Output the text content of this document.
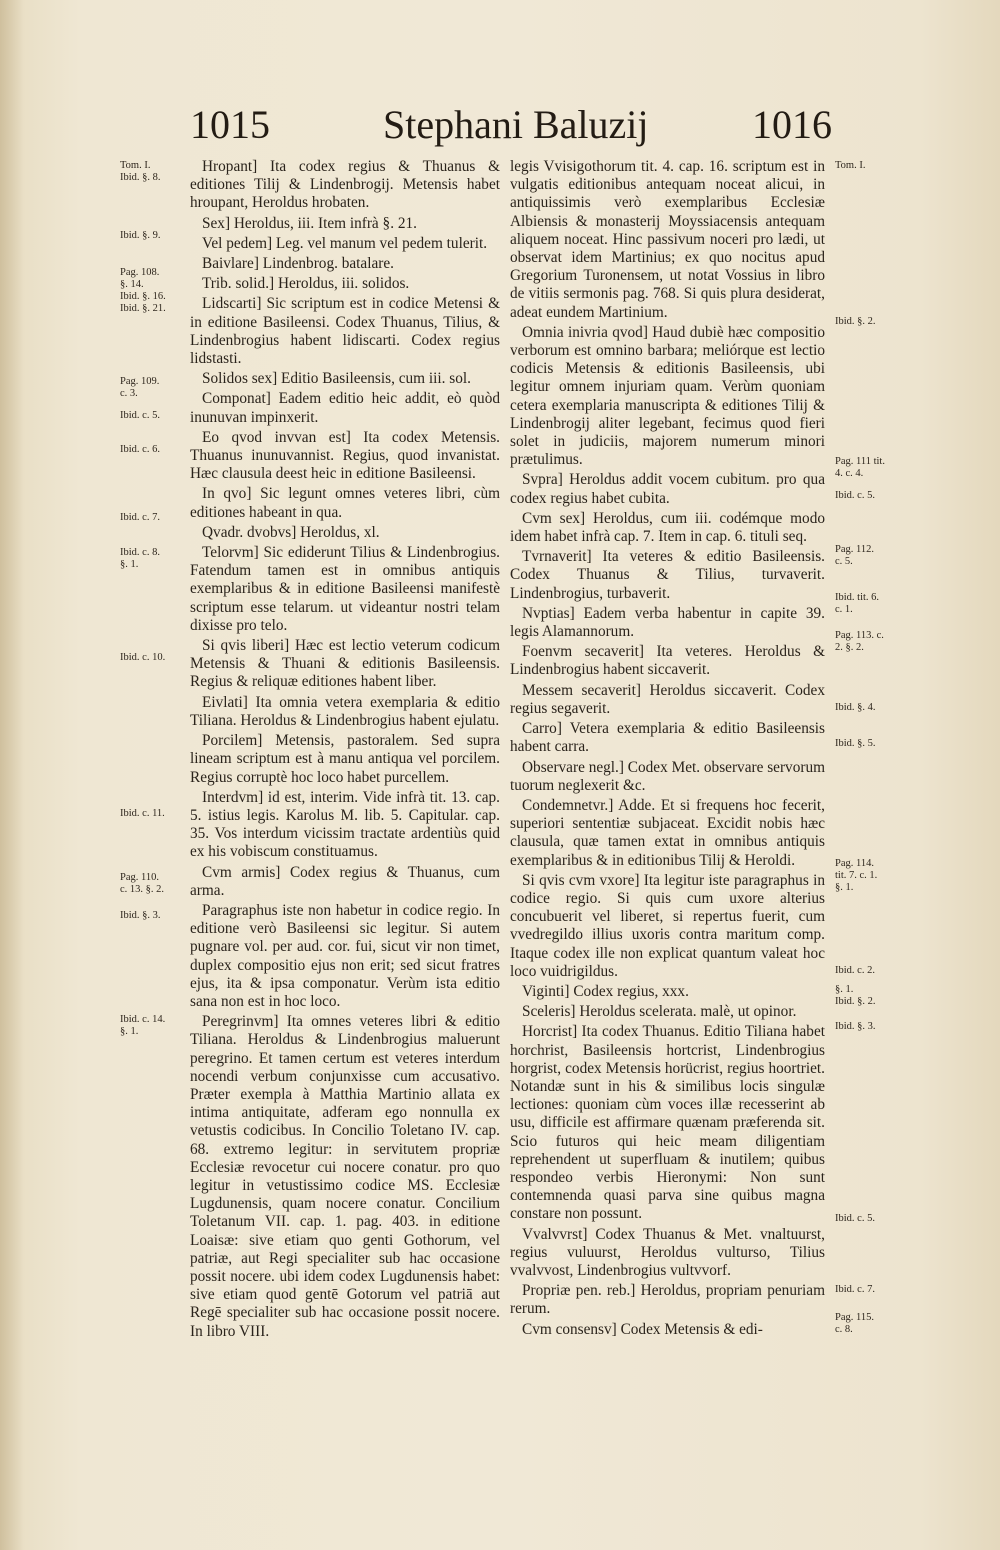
1015	Stephani Baluzij	1016

Hropant] Ita codex regius & Thuanus & editiones Tilij & Lindenbrogij. Metensis habet hroupant, Heroldus hrobaten.

Sex] Heroldus, iii. Item infrà §. 21.

Vel pedem] Leg. vel manum vel pedem tulerit.

Baivlare] Lindenbrog. batalare.

Trib. solid.] Heroldus, iii. solidos.

Lidscarti] Sic scriptum est in codice Metensi & in editione Basileensi. Codex Thuanus, Tilius, & Lindenbrogius habent lidiscarti. Codex regius lidstasti.

Solidos sex] Editio Basileensis, cum iii. sol.

Componat] Eadem editio heic addit, eò quòd inunuvan impinxerit.

Eo qvod invvan est] Ita codex Metensis. Thuanus inunuvannist. Regius, quod invanistat. Hæc clausula deest heic in editione Basileensi.

In qvo] Sic legunt omnes veteres libri, cùm editiones habeant in qua.

Qvadr. dvobvs] Heroldus, xl.

Telorvm] Sic ediderunt Tilius & Lindenbrogius. Fatendum tamen est in omnibus antiquis exemplaribus & in editione Basileensi manifestè scriptum esse telarum. ut videantur nostri telam dixisse pro telo.

Si qvis liberi] Hæc est lectio veterum codicum Metensis & Thuani & editionis Basileensis. Regius & reliquæ editiones habent liber.

Eivlati] Ita omnia vetera exemplaria & editio Tiliana. Heroldus & Lindenbrogius habent ejulatu.

Porcilem] Metensis, pastoralem. Sed supra lineam scriptum est à manu antiqua vel porcilem. Regius corruptè hoc loco habet purcellem.

Interdvm] id est, interim. Vide infrà tit. 13. cap. 5. istius legis. Karolus M. lib. 5. Capitular. cap. 35. Vos interdum vicissim tractate ardentiùs quid ex his vobiscum constituamus.

Cvm armis] Codex regius & Thuanus, cum arma.

Paragraphus iste non habetur in codice regio. In editione verò Basileensi sic legitur. Si autem pugnare vol. per aud. cor. fui, sicut vir non timet, duplex compositio ejus non erit; sed sicut fratres ejus, ita & ipsa componatur. Verùm ista editio sana non est in hoc loco.

Peregrinvm] Ita omnes veteres libri & editio Tiliana. Heroldus & Lindenbrogius maluerunt peregrino. Et tamen certum est veteres interdum nocendi verbum conjunxisse cum accusativo. Præter exempla à Matthia Martinio allata ex intima antiquitate, adferam ego nonnulla ex vetustis codicibus. In Concilio Toletano IV. cap. 68. extremo legitur: in servitutem propriæ Ecclesiæ revocetur cui nocere conatur. pro quo legitur in vetustissimo codice MS. Ecclesiæ Lugdunensis, quam nocere conatur. Concilium Toletanum VII. cap. 1. pag. 403. in editione Loaisæ: sive etiam quo genti Gothorum, vel patriæ, aut Regi specialiter sub hac occasione possit nocere. ubi idem codex Lugdunensis habet: sive etiam quod gentē Gotorum vel patriā aut Regē specialiter sub hac occasione possit nocere. In libro VIII.

legis Vvisigothorum tit. 4. cap. 16. scriptum est in vulgatis editionibus antequam noceat alicui, in antiquissimis verò exemplaribus Ecclesiæ Albiensis & monasterij Moyssiacensis antequam aliquem noceat. Hinc passivum noceri pro lædi, ut observat idem Martinius; ex quo nocitus apud Gregorium Turonensem, ut notat Vossius in libro de vitiis sermonis pag. 768. Si quis plura desiderat, adeat eundem Martinium.

Omnia inivria qvod] Haud dubiè hæc compositio verborum est omnino barbara; meliórque est lectio codicis Metensis & editionis Basileensis, ubi legitur omnem injuriam quam. Verùm quoniam cetera exemplaria manuscripta & editiones Tilij & Lindenbrogij aliter legebant, fecimus quod fieri solet in judiciis, majorem numerum minori prætulimus.

Svpra] Heroldus addit vocem cubitum. pro qua codex regius habet cubita.

Cvm sex] Heroldus, cum iii. codémque modo idem habet infrà cap. 7. Item in cap. 6. tituli seq.

Tvrnaverit] Ita veteres & editio Basileensis. Codex Thuanus & Tilius, turvaverit. Lindenbrogius, turbaverit.

Nvptias] Eadem verba habentur in capite 39. legis Alamannorum.

Foenvm secaverit] Ita veteres. Heroldus & Lindenbrogius habent siccaverit.

Messem secaverit] Heroldus siccaverit. Codex regius segaverit.

Carro] Vetera exemplaria & editio Basileensis habent carra.

Observare negl.] Codex Met. observare servorum tuorum neglexerit &c.

Condemnetvr.] Adde. Et si frequens hoc fecerit, superiori sententiæ subjaceat. Excidit nobis hæc clausula, quæ tamen extat in omnibus antiquis exemplaribus & in editionibus Tilij & Heroldi.

Si qvis cvm vxore] Ita legitur iste paragraphus in codice regio. Si quis cum uxore alterius concubuerit vel liberet, si repertus fuerit, cum vvedregildo illius uxoris contra maritum comp. Itaque codex ille non explicat quantum valeat hoc loco vuidrigildus.

Viginti] Codex regius, xxx.

Sceleris] Heroldus scelerata. malè, ut opinor.

Horcrist] Ita codex Thuanus. Editio Tiliana habet horchrist, Basileensis hortcrist, Lindenbrogius horgrist, codex Metensis horücrist, regius hoortriet. Notandæ sunt in his & similibus locis singulæ lectiones: quoniam cùm voces illæ recesserint ab usu, difficile est affirmare quænam præferenda sit. Scio futuros qui heic meam diligentiam reprehendent ut superfluam & inutilem; quibus respondeo verbis Hieronymi: Non sunt contemnenda quasi parva sine quibus magna constare non possunt.

Vvalvvrst] Codex Thuanus & Met. vnaltuurst, regius vuluurst, Heroldus vulturso, Tilius vvalvvost, Lindenbrogius vultvvorf.

Propriæ pen. reb.] Heroldus, propriam penuriam rerum.

Cvm consensv] Codex Metensis & edi-

Tom. I.
Ibid. §. 8.
Ibid. §. 9.
Pag. 108.
§. 14.
Ibid. §. 16.
Ibid. §. 21.
Pag. 109.
c. 3.
Ibid. c. 5.
Ibid. c. 6.
Ibid. c. 7.
Ibid. c. 8.
§. 1.
Ibid. c. 10.
Ibid. c. 11.
Pag. 110.
c. 13. §. 2.
Ibid. §. 3.
Ibid. c. 14.
§. 1.
Tom. I.
Ibid. §. 2.
Pag. 111 tit.
4. c. 4.
Ibid. c. 5.
Pag. 112.
c. 5.
Ibid. tit. 6.
c. 1.
Pag. 113. c.
2. §. 2.
Ibid. §. 4.
Ibid. §. 5.
Pag. 114.
tit. 7. c. 1.
§. 1.
Ibid. c. 2.
§. 1.
Ibid. §. 2.
Ibid. §. 3.
Ibid. c. 5.
Ibid. c. 7.
Pag. 115.
c. 8.
